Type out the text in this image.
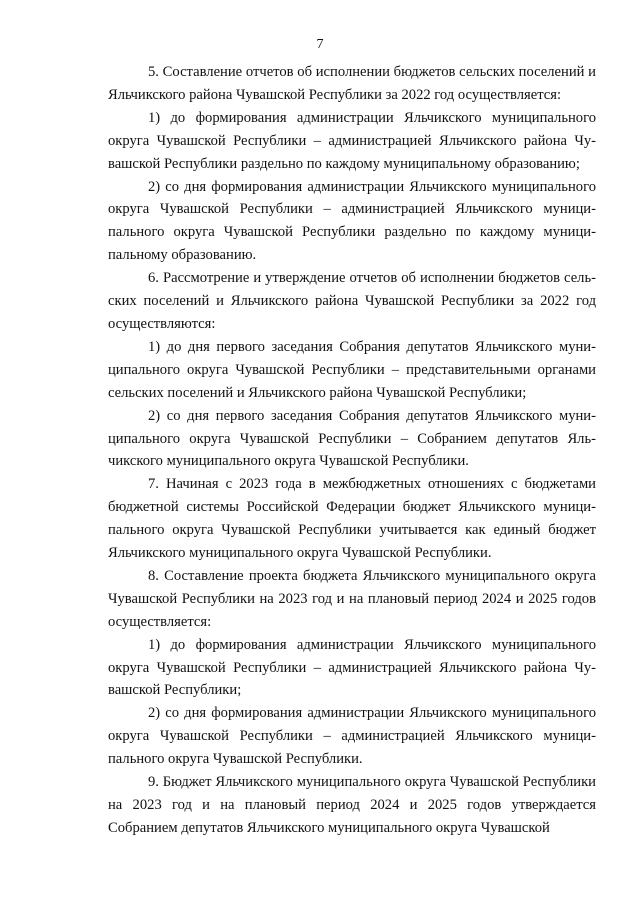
7

5. Составление отчетов об исполнении бюджетов сельских поселений и Яльчикского района Чувашской Республики за 2022 год осуществляется:

1) до формирования администрации Яльчикского муниципального округа Чувашской Республики – администрацией Яльчикского района Чувашской Республики раздельно по каждому муниципальному образованию;

2) со дня формирования администрации Яльчикского муниципального округа Чувашской Республики – администрацией Яльчикского муниципального округа Чувашской Республики раздельно по каждому муниципальному образованию.

6. Рассмотрение и утверждение отчетов об исполнении бюджетов сельских поселений и Яльчикского района Чувашской Республики за 2022 год осуществляются:

1) до дня первого заседания Собрания депутатов Яльчикского муниципального округа Чувашской Республики – представительными органами сельских поселений и Яльчикского района Чувашской Республики;

2) со дня первого заседания Собрания депутатов Яльчикского муниципального округа Чувашской Республики – Собранием депутатов Яльчикского муниципального округа Чувашской Республики.

7. Начиная с 2023 года в межбюджетных отношениях с бюджетами бюджетной системы Российской Федерации бюджет Яльчикского муниципального округа Чувашской Республики учитывается как единый бюджет Яльчикского муниципального округа Чувашской Республики.

8. Составление проекта бюджета Яльчикского муниципального округа Чувашской Республики на 2023 год и на плановый период 2024 и 2025 годов осуществляется:

1) до формирования администрации Яльчикского муниципального округа Чувашской Республики – администрацией Яльчикского района Чувашской Республики;

2) со дня формирования администрации Яльчикского муниципального округа Чувашской Республики – администрацией Яльчикского муниципального округа Чувашской Республики.

9. Бюджет Яльчикского муниципального округа Чувашской Республики на 2023 год и на плановый период 2024 и 2025 годов утверждается Собранием депутатов Яльчикского муниципального округа Чувашской
